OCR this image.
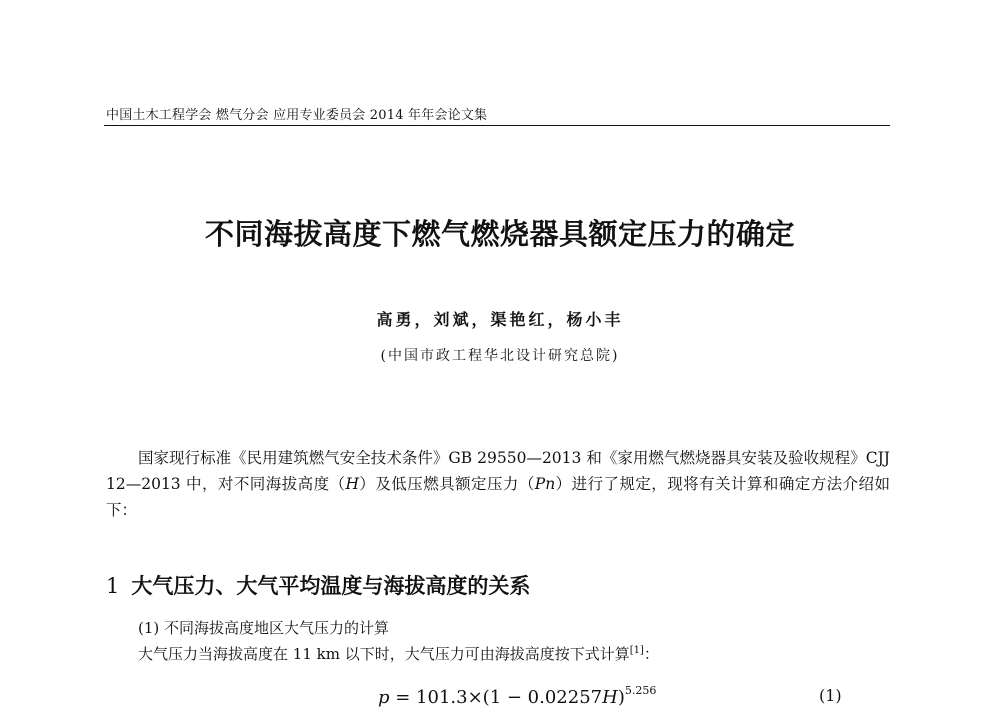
中国土木工程学会 燃气分会 应用专业委员会 2014 年年会论文集
不同海拔高度下燃气燃烧器具额定压力的确定
高勇，刘斌，渠艳红，杨小丰
(中国市政工程华北设计研究总院)
国家现行标准《民用建筑燃气安全技术条件》GB 29550—2013 和《家用燃气燃烧器具安装及验收规程》CJJ 12—2013 中，对不同海拔高度（H）及低压燃具额定压力（Pn）进行了规定，现将有关计算和确定方法介绍如下：
1 大气压力、大气平均温度与海拔高度的关系
(1) 不同海拔高度地区大气压力的计算
大气压力当海拔高度在 11 km 以下时，大气压力可由海拔高度按下式计算[1]：
$p = 101.3\times(1 - 0.02257H)^{5.256}$	(1)
